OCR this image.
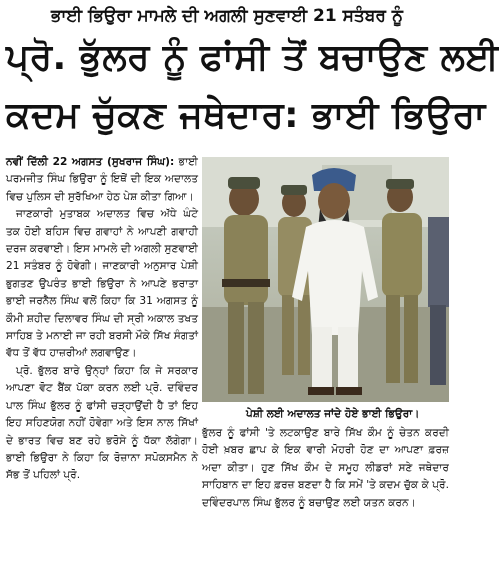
ਭਾਈ ਭਿਉਰਾ ਮਾਮਲੇ ਦੀ ਅਗਲੀ ਸੁਣਵਾਈ 21 ਸਤੰਬਰ ਨੂੰ
ਪ੍ਰੋ. ਭੁੱਲਰ ਨੂੰ ਫਾਂਸੀ ਤੋਂ ਬਚਾਉਣ ਲਈ
ਕਦਮ ਚੁੱਕਣ ਜਥੇਦਾਰ: ਭਾਈ ਭਿਉਰਾ

ਨਵੀਂ ਦਿੱਲੀ 22 ਅਗਸਤ (ਸੁਖਰਾਜ ਸਿੰਘ): ਭਾਈ ਪਰਮਜੀਤ ਸਿੰਘ ਭਿਉਰਾ ਨੂੰ ਇਥੋਂ ਦੀ ਇਕ ਅਦਾਲਤ ਵਿਚ ਪੁਲਿਸ ਦੀ ਸੁਰੱਖਿਆ ਹੇਠ ਪੇਸ਼ ਕੀਤਾ ਗਿਆ।

ਜਾਣਕਾਰੀ ਮੁਤਾਬਕ ਅਦਾਲਤ ਵਿਚ ਅੱਧੇ ਘੰਟੇ ਤਕ ਹੋਈ ਬਹਿਸ ਵਿਚ ਗਵਾਹਾਂ ਨੇ ਆਪਣੀ ਗਵਾਹੀ ਦਰਜ ਕਰਵਾਈ। ਇਸ ਮਾਮਲੇ ਦੀ ਅਗਲੀ ਸੁਣਵਾਈ 21 ਸਤੰਬਰ ਨੂੰ ਹੋਵੇਗੀ। ਜਾਣਕਾਰੀ ਅਨੁਸਾਰ ਪੇਸ਼ੀ ਭੁਗਤਣ ਉਪਰੰਤ ਭਾਈ ਭਿਉਰਾ ਨੇ ਆਪਣੇ ਭਰਾਤਾ ਭਾਈ ਜਰਨੈਲ ਸਿੰਘ ਵਲੋਂ ਕਿਹਾ ਕਿ 31 ਅਗਸਤ ਨੂੰ ਕੌਮੀ ਸ਼ਹੀਦ ਦਿਲਾਵਰ ਸਿੰਘ ਦੀ ਸ੍ਰੀ ਅਕਾਲ ਤਖਤ ਸਾਹਿਬ ਤੇ ਮਨਾਈ ਜਾ ਰਹੀ ਬਰਸੀ ਮੌਕੇ ਸਿੱਖ ਸੰਗਤਾਂ ਵੱਧ ਤੋਂ ਵੱਧ ਹਾਜ਼ਰੀਆਂ ਲਗਵਾਉਣ।

ਪ੍ਰੋ. ਭੁੱਲਰ ਬਾਰੇ ਉਨ੍ਹਾਂ ਕਿਹਾ ਕਿ ਜੇ ਸਰਕਾਰ ਆਪਣਾ ਵੋਟ ਬੈਂਕ ਪੱਕਾ ਕਰਨ ਲਈ ਪ੍ਰੋ. ਦਵਿੰਦਰ ਪਾਲ ਸਿੰਘ ਭੁੱਲਰ ਨੂੰ ਫਾਂਸੀ ਚੜ੍ਹਾਉਂਦੀ ਹੈ ਤਾਂ ਇਹ ਇਹ ਸਹਿਣਯੋਗ ਨਹੀਂ ਹੋਵੇਗਾ ਅਤੇ ਇਸ ਨਾਲ ਸਿੱਖਾਂ ਦੇ ਭਾਰਤ ਵਿਚ ਬਣ ਰਹੇ ਭਰੋਸੇ ਨੂੰ ਧੱਕਾ ਲੱਗੇਗਾ। ਭਾਈ ਭਿਉਰਾ ਨੇ ਕਿਹਾ ਕਿ ਰੋਜ਼ਾਨਾ ਸਪੋਕਸਮੈਨ ਨੇ ਸੱਭ ਤੋਂ ਪਹਿਲਾਂ ਪ੍ਰੋ.

ਪੇਸ਼ੀ ਲਈ ਅਦਾਲਤ ਜਾਂਦੇ ਹੋਏ ਭਾਈ ਭਿਉਰਾ।

ਭੁੱਲਰ ਨੂੰ ਫਾਂਸੀ 'ਤੇ ਲਟਕਾਉਣ ਬਾਰੇ ਸਿੱਖ ਕੌਮ ਨੂੰ ਚੇਤਨ ਕਰਦੀ ਹੋਈ ਖ਼ਬਰ ਛਾਪ ਕੇ ਇਕ ਵਾਰੀ ਮੋਹਰੀ ਹੋਣ ਦਾ ਆਪਣਾ ਫ਼ਰਜ਼ ਅਦਾ ਕੀਤਾ। ਹੁਣ ਸਿੱਖ ਕੌਮ ਦੇ ਸਮੂਹ ਲੀਡਰਾਂ ਸਣੇ ਜਥੇਦਾਰ ਸਾਹਿਬਾਨ ਦਾ ਇਹ ਫ਼ਰਜ਼ ਬਣਦਾ ਹੈ ਕਿ ਸਮੇਂ 'ਤੇ ਕਦਮ ਚੁੱਕ ਕੇ ਪ੍ਰੋ. ਦਵਿੰਦਰਪਾਲ ਸਿੰਘ ਭੁੱਲਰ ਨੂੰ ਬਚਾਉਣ ਲਈ ਯਤਨ ਕਰਨ।
